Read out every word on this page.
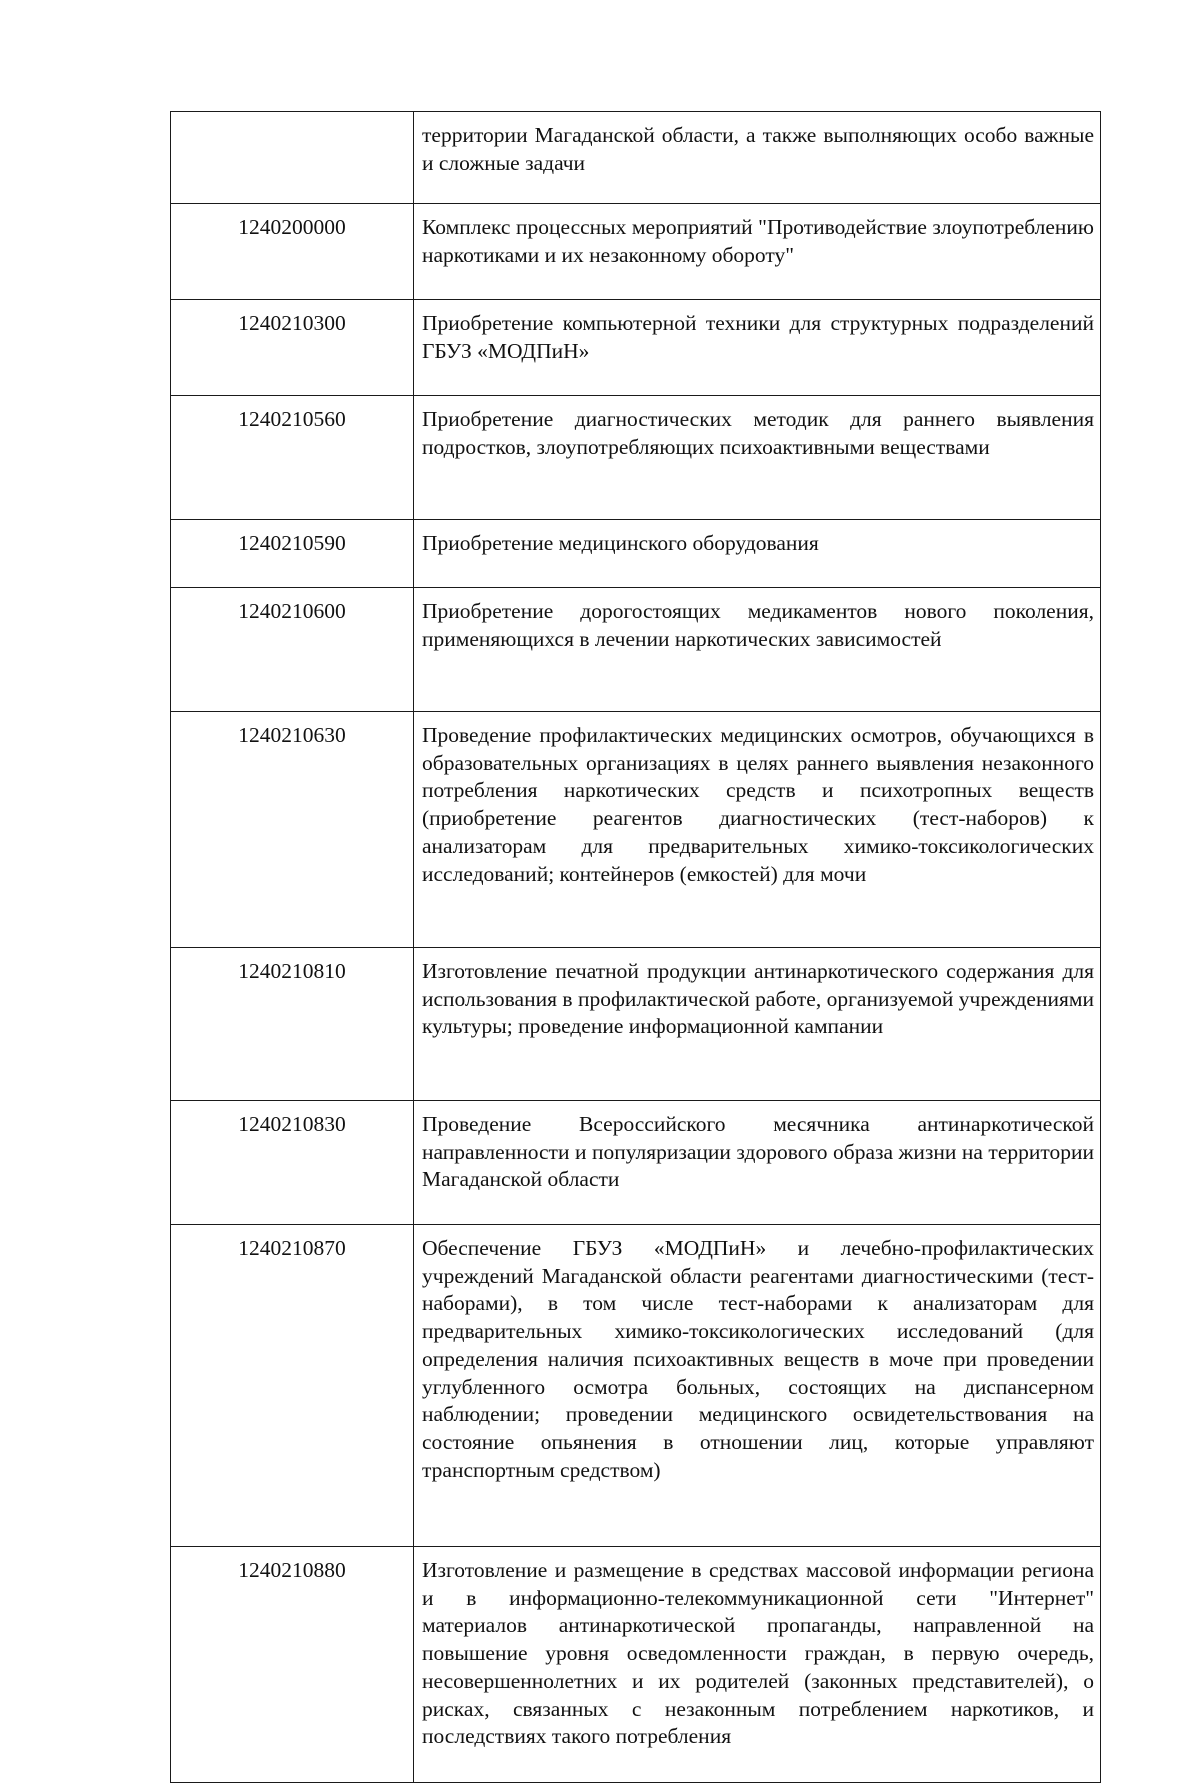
	территории Магаданской области, а также выполняющих особо важные и сложные задачи
1240200000	Комплекс процессных мероприятий "Противодействие злоупотреблению наркотиками и их незаконному обороту"
1240210300	Приобретение компьютерной техники для структурных подразделений ГБУЗ «МОДПиН»
1240210560	Приобретение диагностических методик для раннего выявления подростков, злоупотребляющих психоактивными веществами
1240210590	Приобретение медицинского оборудования
1240210600	Приобретение дорогостоящих медикаментов нового поколения, применяющихся в лечении наркотических зависимостей
1240210630	Проведение профилактических медицинских осмотров, обучающихся в образовательных организациях в целях раннего выявления незаконного потребления наркотических средств и психотропных веществ (приобретение реагентов диагностических (тест-наборов) к анализаторам для предварительных химико-токсикологических исследований; контейнеров (емкостей) для мочи
1240210810	Изготовление печатной продукции антинаркотического содержания для использования в профилактической работе, организуемой учреждениями культуры; проведение информационной кампании
1240210830	Проведение Всероссийского месячника антинаркотической направленности и популяризации здорового образа жизни на территории Магаданской области
1240210870	Обеспечение ГБУЗ «МОДПиН» и лечебно-профилактических учреждений Магаданской области реагентами диагностическими (тест-наборами), в том числе тест-наборами к анализаторам для предварительных химико-токсикологических исследований (для определения наличия психоактивных веществ в моче при проведении углубленного осмотра больных, состоящих на диспансерном наблюдении; проведении медицинского освидетельствования на состояние опьянения в отношении лиц, которые управляют транспортным средством)
1240210880	Изготовление и размещение в средствах массовой информации региона и в информационно-телекоммуникационной сети "Интернет" материалов антинаркотической пропаганды, направленной на повышение уровня осведомленности граждан, в первую очередь, несовершеннолетних и их родителей (законных представителей), о рисках, связанных с незаконным потреблением наркотиков, и последствиях такого потребления
